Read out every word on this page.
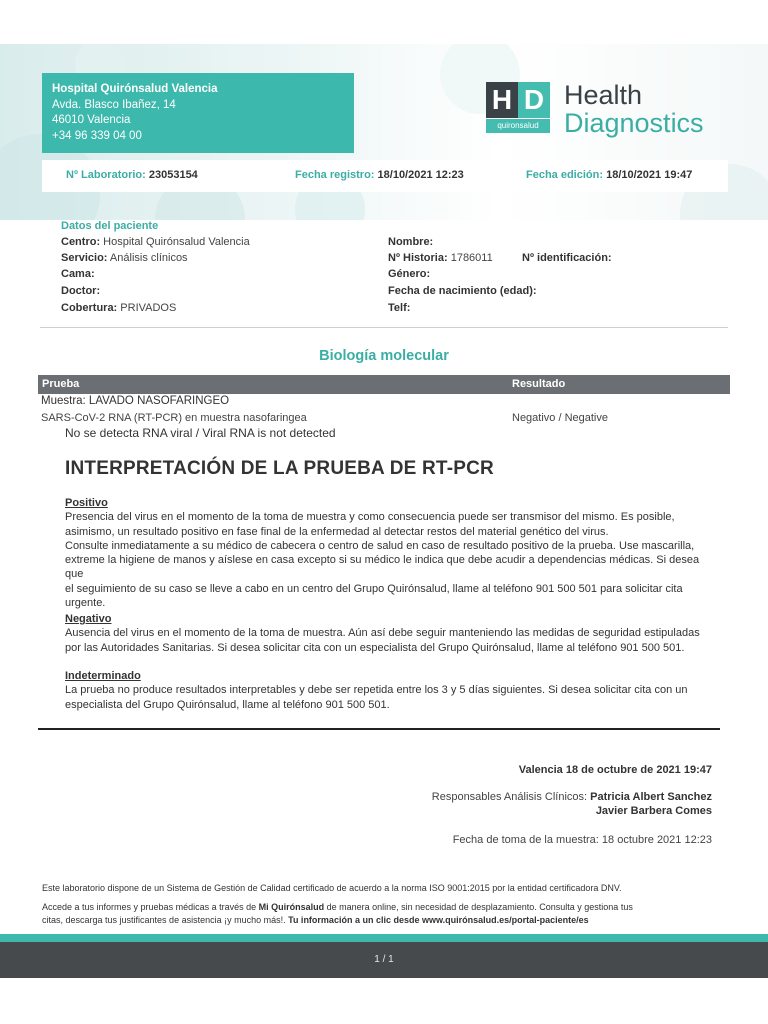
Hospital Quirónsalud Valencia
Avda. Blasco Ibañez, 14
46010 Valencia
+34 96 339 04 00
H D
quironsalud
Health
Diagnostics
Nº Laboratorio: 23053154	Fecha registro: 18/10/2021 12:23	Fecha edición: 18/10/2021 19:47
Datos del paciente
Centro: Hospital Quirónsalud Valencia
Servicio: Análisis clínicos
Cama:
Doctor:
Cobertura: PRIVADOS
Nombre:
Nº Historia: 1786011	Nº identificación:
Género:
Fecha de nacimiento (edad):
Telf:
Biología molecular
Prueba	Resultado
Muestra: LAVADO NASOFARINGEO
SARS-CoV-2 RNA (RT-PCR) en muestra nasofaringea	Negativo / Negative
No se detecta RNA viral / Viral RNA is not detected
INTERPRETACIÓN DE LA PRUEBA DE RT-PCR
Positivo
Presencia del virus en el momento de la toma de muestra y como consecuencia puede ser transmisor del mismo. Es posible,
asimismo, un resultado positivo en fase final de la enfermedad al detectar restos del material genético del virus.
Consulte inmediatamente a su médico de cabecera o centro de salud en caso de resultado positivo de la prueba. Use mascarilla,
extreme la higiene de manos y aíslese en casa excepto si su médico le indica que debe acudir a dependencias médicas. Si desea que
el seguimiento de su caso se lleve a cabo en un centro del Grupo Quirónsalud, llame al teléfono 901 500 501 para solicitar cita
urgente.
Negativo
Ausencia del virus en el momento de la toma de muestra. Aún así debe seguir manteniendo las medidas de seguridad estipuladas
por las Autoridades Sanitarias. Si desea solicitar cita con un especialista del Grupo Quirónsalud, llame al teléfono 901 500 501.
Indeterminado
La prueba no produce resultados interpretables y debe ser repetida entre los 3 y 5 días siguientes. Si desea solicitar cita con un
especialista del Grupo Quirónsalud, llame al teléfono 901 500 501.
Valencia 18 de octubre de 2021 19:47
Responsables Análisis Clínicos: Patricia Albert Sanchez
Javier Barbera Comes
Fecha de toma de la muestra: 18 octubre 2021 12:23
Este laboratorio dispone de un Sistema de Gestión de Calidad certificado de acuerdo a la norma ISO 9001:2015 por la entidad certificadora DNV.
Accede a tus informes y pruebas médicas a través de Mi Quirónsalud de manera online, sin necesidad de desplazamiento. Consulta y gestiona tus
citas, descarga tus justificantes de asistencia ¡y mucho más!. Tu información a un clic desde www.quirónsalud.es/portal-paciente/es
1 / 1
